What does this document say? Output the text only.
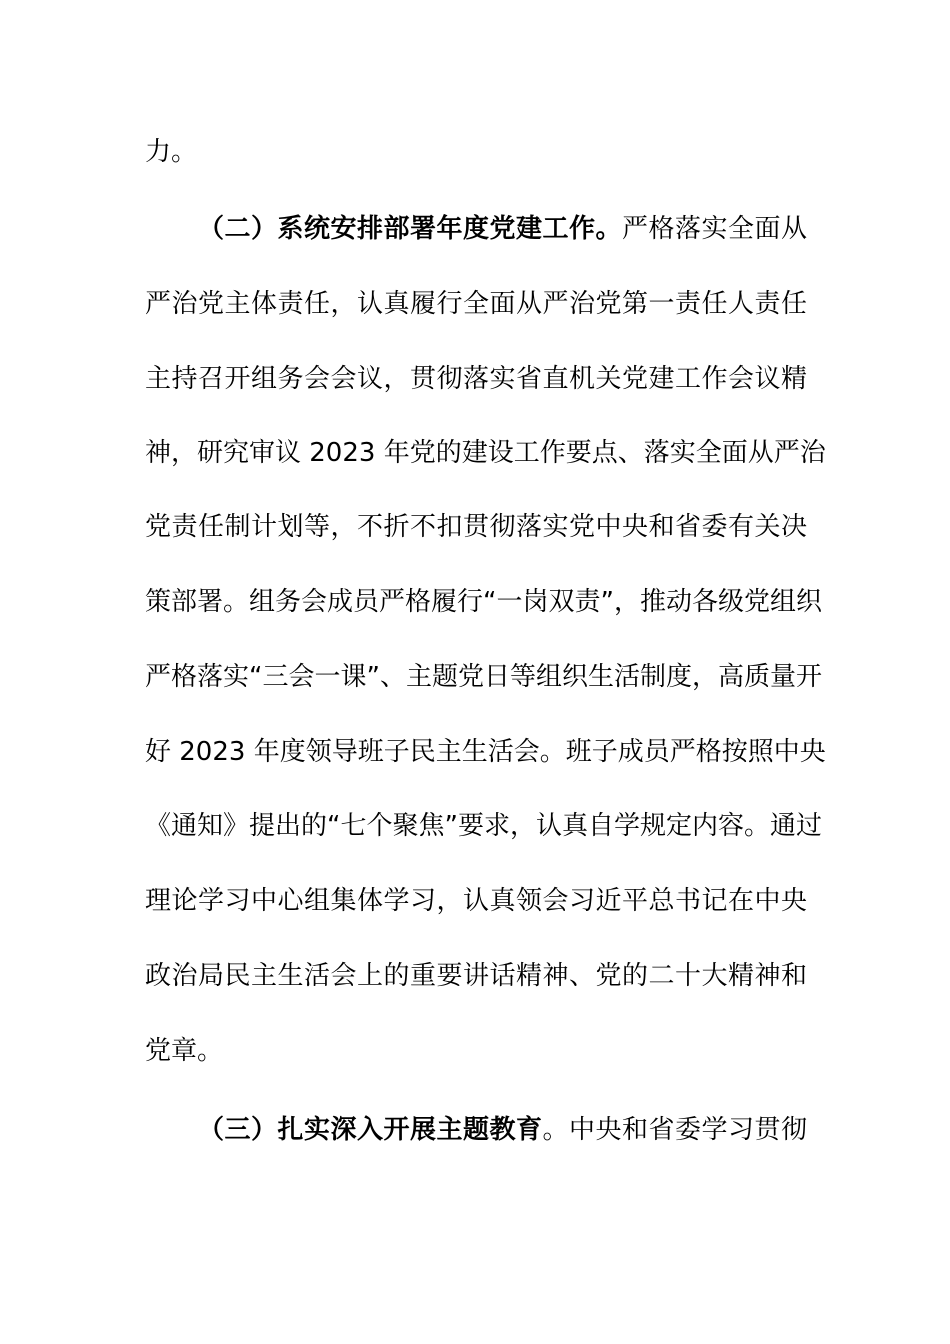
力。
（二）系统安排部署年度党建工作。严格落实全面从
严治党主体责任，认真履行全面从严治党第一责任人责任
主持召开组务会会议，贯彻落实省直机关党建工作会议精
神，研究审议 2023 年党的建设工作要点、落实全面从严治
党责任制计划等，不折不扣贯彻落实党中央和省委有关决
策部署。组务会成员严格履行“一岗双责”，推动各级党组织
严格落实“三会一课”、主题党日等组织生活制度，高质量开
好 2023 年度领导班子民主生活会。班子成员严格按照中央
《通知》提出的“七个聚焦”要求，认真自学规定内容。通过
理论学习中心组集体学习，认真领会习近平总书记在中央
政治局民主生活会上的重要讲话精神、党的二十大精神和
党章。
（三）扎实深入开展主题教育。中央和省委学习贯彻
